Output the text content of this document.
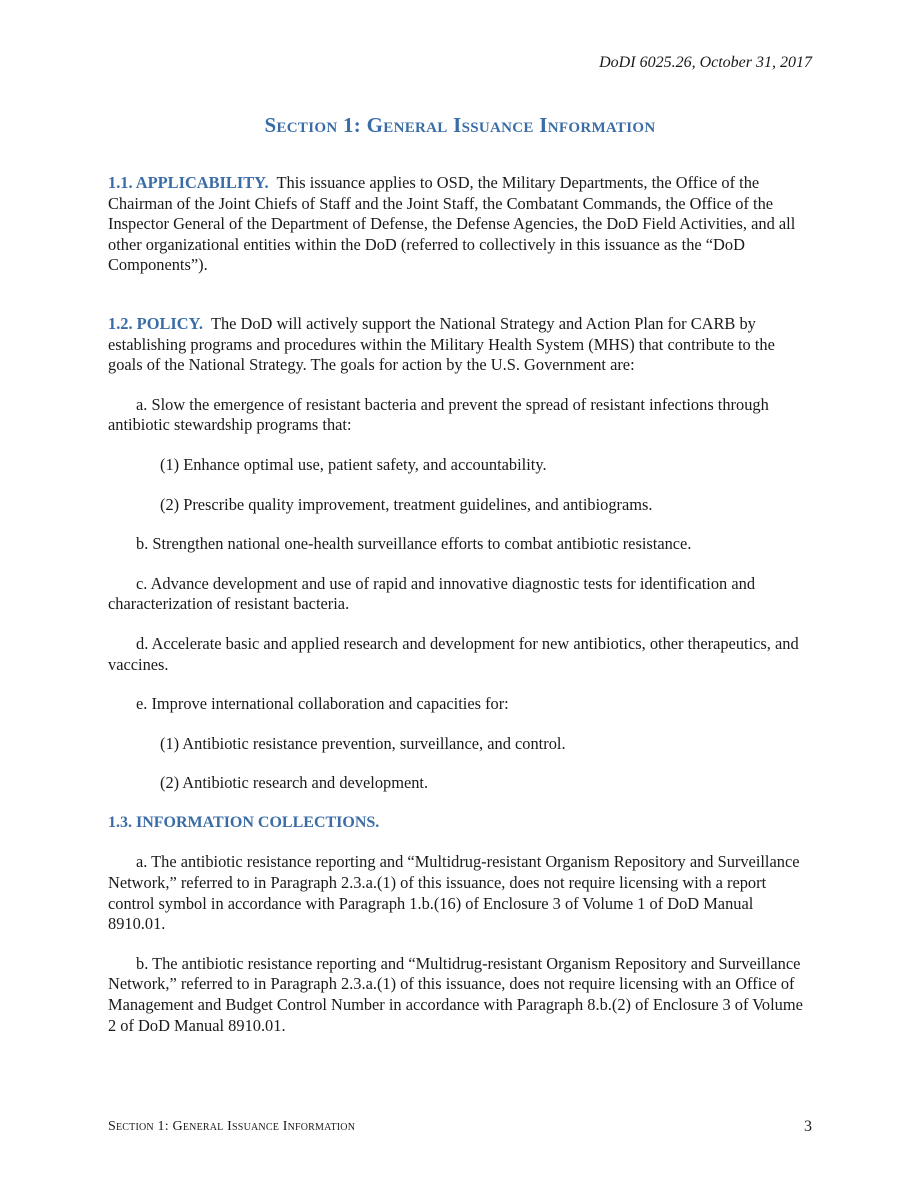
DoDI 6025.26, October 31, 2017
Section 1: General Issuance Information

1.1. APPLICABILITY. This issuance applies to OSD, the Military Departments, the Office of the Chairman of the Joint Chiefs of Staff and the Joint Staff, the Combatant Commands, the Office of the Inspector General of the Department of Defense, the Defense Agencies, the DoD Field Activities, and all other organizational entities within the DoD (referred to collectively in this issuance as the “DoD Components”).

1.2. POLICY. The DoD will actively support the National Strategy and Action Plan for CARB by establishing programs and procedures within the Military Health System (MHS) that contribute to the goals of the National Strategy. The goals for action by the U.S. Government are:

a. Slow the emergence of resistant bacteria and prevent the spread of resistant infections through antibiotic stewardship programs that:

(1) Enhance optimal use, patient safety, and accountability.

(2) Prescribe quality improvement, treatment guidelines, and antibiograms.

b. Strengthen national one-health surveillance efforts to combat antibiotic resistance.

c. Advance development and use of rapid and innovative diagnostic tests for identification and characterization of resistant bacteria.

d. Accelerate basic and applied research and development for new antibiotics, other therapeutics, and vaccines.

e. Improve international collaboration and capacities for:

(1) Antibiotic resistance prevention, surveillance, and control.

(2) Antibiotic research and development.

1.3. INFORMATION COLLECTIONS.

a. The antibiotic resistance reporting and “Multidrug-resistant Organism Repository and Surveillance Network,” referred to in Paragraph 2.3.a.(1) of this issuance, does not require licensing with a report control symbol in accordance with Paragraph 1.b.(16) of Enclosure 3 of Volume 1 of DoD Manual 8910.01.

b. The antibiotic resistance reporting and “Multidrug-resistant Organism Repository and Surveillance Network,” referred to in Paragraph 2.3.a.(1) of this issuance, does not require licensing with an Office of Management and Budget Control Number in accordance with Paragraph 8.b.(2) of Enclosure 3 of Volume 2 of DoD Manual 8910.01.

Section 1: General Issuance Information	3
